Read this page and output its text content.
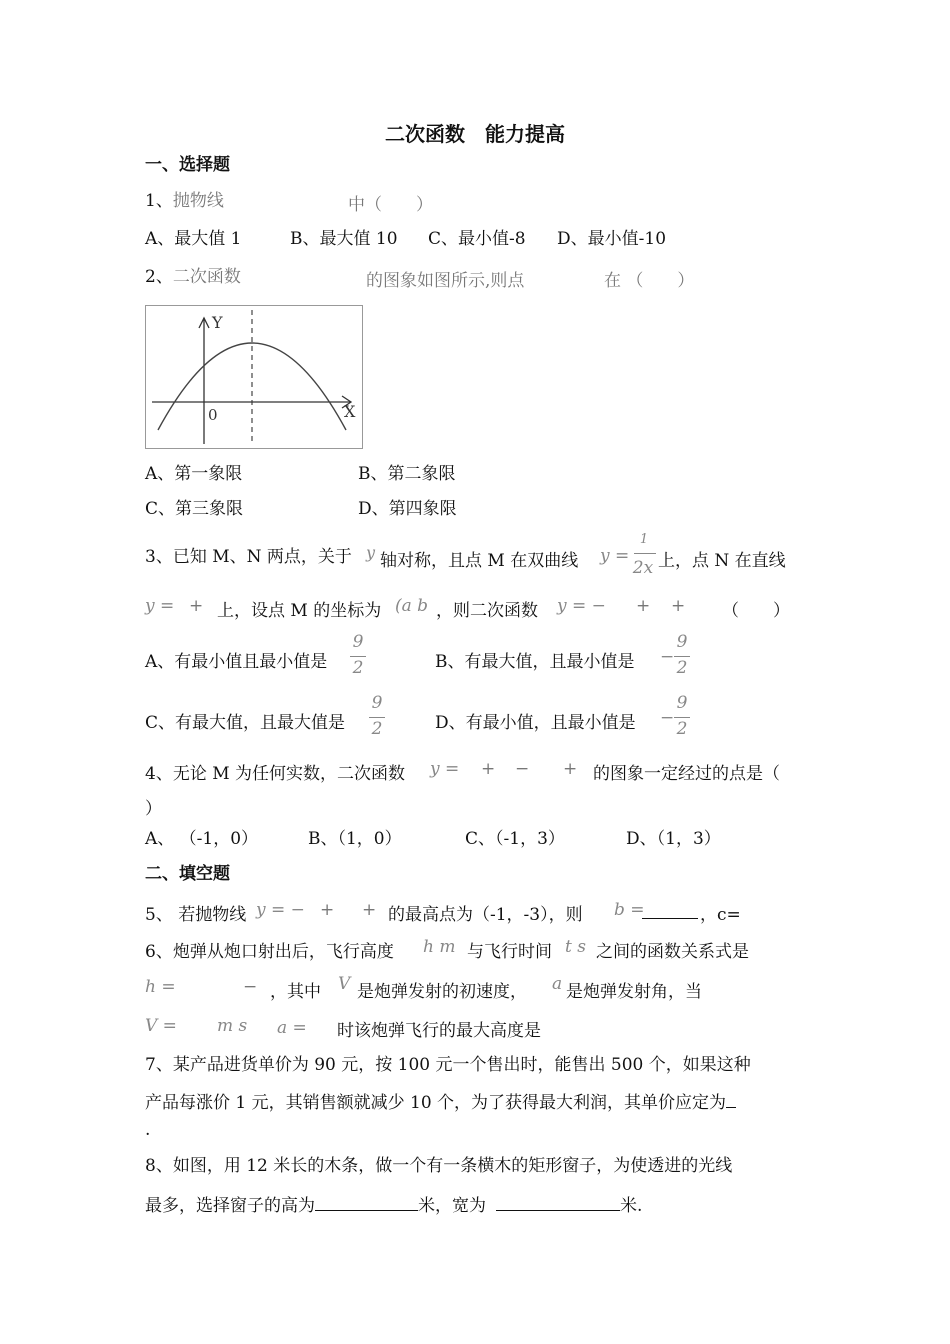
二次函数　能力提高
一、选择题
1、抛物线	中（　　）
A、最大值 1	B、最大值 10 C、最小值-8 D、最小值-10
2、二次函数	的图象如图所示,则点	在 （　　）
Y
X
0
A、第一象限	B、第二象限
C、第三象限	D、第四象限
3、已知 M、N 两点，关于 y 轴对称，且点 M 在双曲线 y =
1
2x 上，点 N 在直线
y = + 上，设点 M 的坐标为 (a b ，则二次函数 y = − + + （　　）
A、有最小值且最小值是
9
2	B、有最大值，且最小值是 −
9
2
C、有最大值，且最大值是
9
2	D、有最小值，且最小值是 −
9
2
4、无论 M 为任何实数，二次函数 y = + − + 的图象一定经过的点是（
）
A、 （-1，0）	B、（1，0）	C、（-1，3）	D、（1，3）
二、填空题
5、 若抛物线 y = − + + 的最高点为（-1，-3），则 b =	，c=
6、炮弹从炮口射出后，飞行高度 h m 与飞行时间 t s 之间的函数关系式是
h =	− ，其中 V 是炮弹发射的初速度， a 是炮弹发射角，当
V = m s a = 时该炮弹飞行的最大高度是
7、某产品进货单价为 90 元，按 100 元一个售出时，能售出 500 个，如果这种
产品每涨价 1 元，其销售额就减少 10 个，为了获得最大利润，其单价应定为
.
8、如图，用 12 米长的木条，做一个有一条横木的矩形窗子，为使透进的光线
最多，选择窗子的高为	米，宽为	米.
